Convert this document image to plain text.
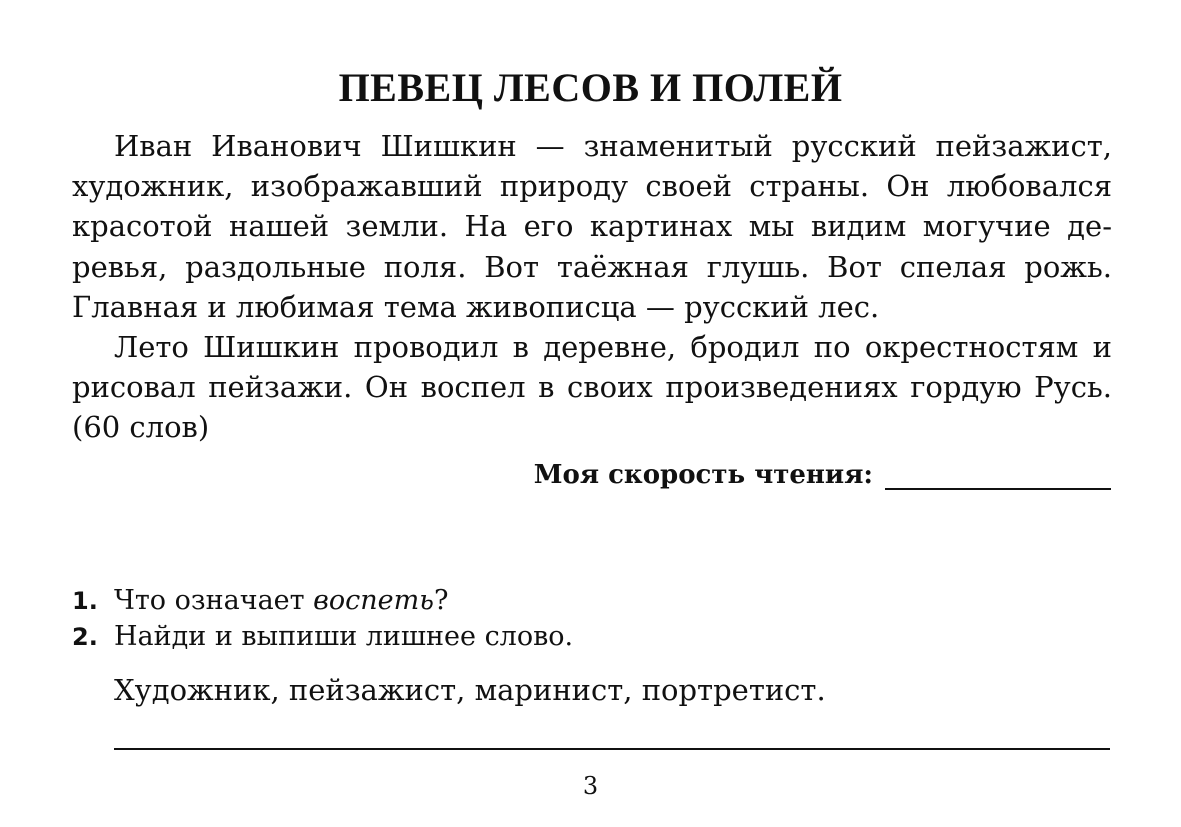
ПЕВЕЦ ЛЕСОВ И ПОЛЕЙ
Иван Иванович Шишкин — знаменитый русский пейзажист,
художник, изображавший природу своей страны. Он любовался
красотой нашей земли. На его картинах мы видим могучие де-
ревья, раздольные поля. Вот таёжная глушь. Вот спелая рожь.
Главная и любимая тема живописца — русский лес.
Лето Шишкин проводил в деревне, бродил по окрестностям и
рисовал пейзажи. Он воспел в своих произведениях гордую Русь.
(60 слов)
Моя скорость чтения:
1. Что означает воспеть?
2. Найди и выпиши лишнее слово.
Художник, пейзажист, маринист, портретист.
3
